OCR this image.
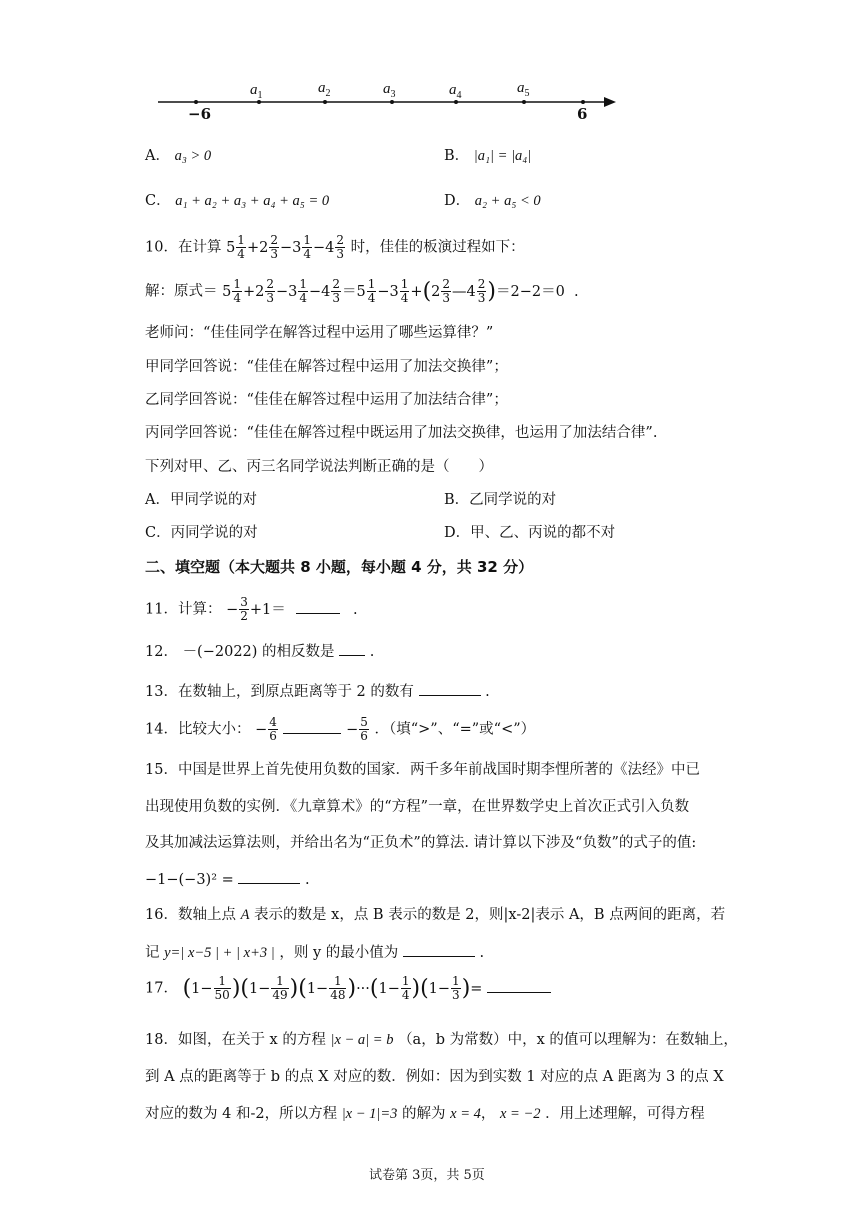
$a_1$	$a_2$	$a_3$	$a_4$	$a_5$
−6	6
A． a₃ > 0	B． |a₁| = |a₄|
C． a₁ + a₂ + a₃ + a₄ + a₅ = 0	D． a₂ + a₅ < 0
10．在计算 $5 \frac{1}{4} +2 \frac{2}{3} -3 \frac{1}{4} -4 \frac{2}{3}$ 时，佳佳的板演过程如下：
解：原式＝ $5 \frac{1}{4} +2 \frac{2}{3} -3 \frac{1}{4} -4 \frac{2}{3} =5 \frac{1}{4} -3 \frac{1}{4} +(2 \frac{2}{3}$ —4 $\frac{2}{3} )=2-2=0$  .
老师问：“佳佳同学在解答过程中运用了哪些运算律？”
甲同学回答说：“佳佳在解答过程中运用了加法交换律”；
乙同学回答说：“佳佳在解答过程中运用了加法结合律”；
丙同学回答说：“佳佳在解答过程中既运用了加法交换律，也运用了加法结合律”.
下列对甲、乙、丙三名同学说法判断正确的是（　　）
A．甲同学说的对	B．乙同学说的对
C．丙同学说的对	D．甲、乙、丙说的都不对
二、填空题（本大题共 8 小题，每小题 4 分，共 32 分）
11．计算： − $\frac{3}{2} +1=$	.
12． －(−2022) 的相反数是 .
13．在数轴上，到原点距离等于 2 的数有	.
14．比较大小： − $\frac{4}{6}$	− $\frac{5}{6}$ ．（填“>”、“=”或“<”）
15．中国是世界上首先使用负数的国家．两千多年前战国时期李悝所著的《法经》中已
出现使用负数的实例．《九章算术》的“方程”一章，在世界数学史上首次正式引入负数
及其加减法运算法则，并给出名为“正负术”的算法. 请计算以下涉及“负数”的式子的值:
−1−(−3)² =	.
16．数轴上点 A 表示的数是 x，点 B 表示的数是 2，则|x-2|表示 A，B 点两间的距离，若
记 y=| x−5 | + | x+3 | ，则 y 的最小值为	.
17． $(1- \frac{1}{50} )(1- \frac{1}{49} )(1- \frac{1}{48} )\cdot\cdot\cdot(1- \frac{1}{4} )(1- \frac{1}{3}$ )=
18．如图，在关于 x 的方程 |x − a| = b （a，b 为常数）中，x 的值可以理解为：在数轴上，
到 A 点的距离等于 b 的点 X 对应的数．例如：因为到实数 1 对应的点 A 距离为 3 的点 X
对应的数为 4 和-2，所以方程 |x − 1|=3 的解为 x = 4， x = −2 ．用上述理解，可得方程
试卷第 3页，共 5页
